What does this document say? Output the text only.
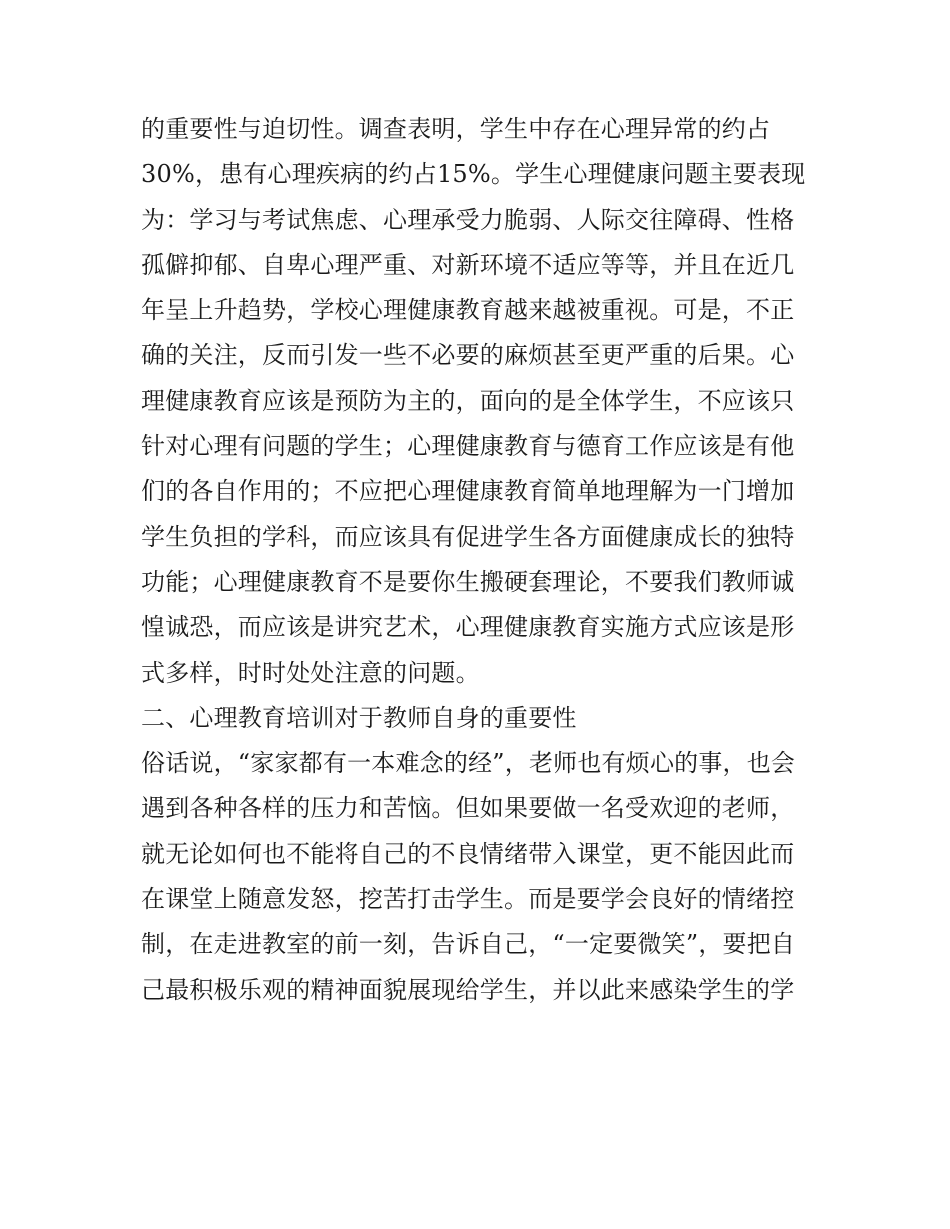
的重要性与迫切性。调查表明，学生中存在心理异常的约占
30%，患有心理疾病的约占15%。学生心理健康问题主要表现
为：学习与考试焦虑、心理承受力脆弱、人际交往障碍、性格
孤僻抑郁、自卑心理严重、对新环境不适应等等，并且在近几
年呈上升趋势，学校心理健康教育越来越被重视。可是，不正
确的关注，反而引发一些不必要的麻烦甚至更严重的后果。心
理健康教育应该是预防为主的，面向的是全体学生，不应该只
针对心理有问题的学生；心理健康教育与德育工作应该是有他
们的各自作用的；不应把心理健康教育简单地理解为一门增加
学生负担的学科，而应该具有促进学生各方面健康成长的独特
功能；心理健康教育不是要你生搬硬套理论，不要我们教师诚
惶诚恐，而应该是讲究艺术，心理健康教育实施方式应该是形
式多样，时时处处注意的问题。
二、心理教育培训对于教师自身的重要性
俗话说，“家家都有一本难念的经”，老师也有烦心的事，也会
遇到各种各样的压力和苦恼。但如果要做一名受欢迎的老师，
就无论如何也不能将自己的不良情绪带入课堂，更不能因此而
在课堂上随意发怒，挖苦打击学生。而是要学会良好的情绪控
制，在走进教室的前一刻，告诉自己，“一定要微笑”，要把自
己最积极乐观的精神面貌展现给学生，并以此来感染学生的学
